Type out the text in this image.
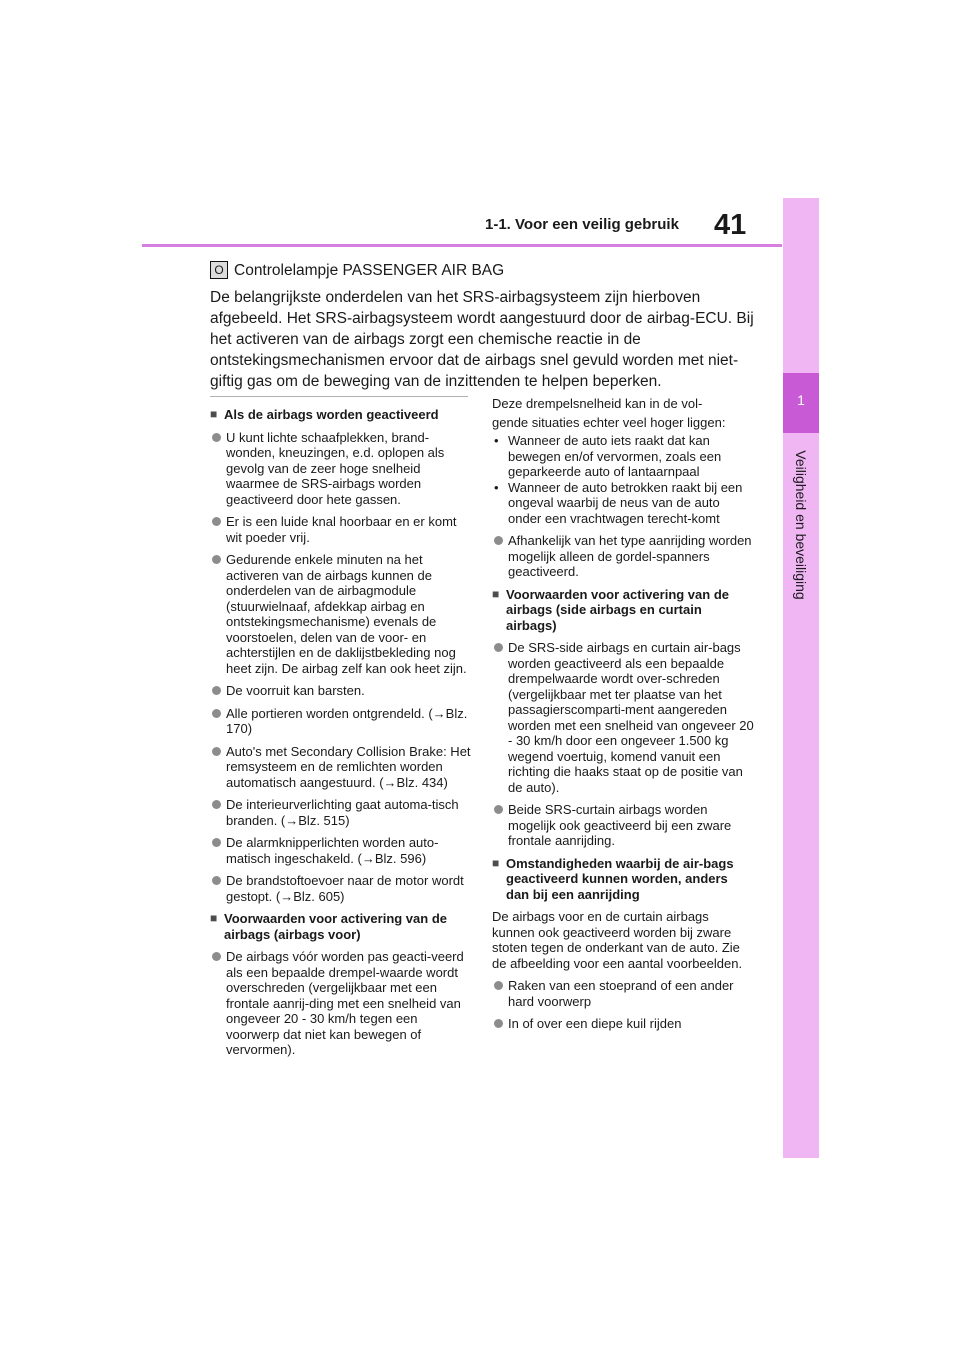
1-1. Voor een veilig gebruik 41
1
Veiligheid en beveiliging
O Controlelampje PASSENGER AIR BAG
De belangrijkste onderdelen van het SRS-airbagsysteem zijn hierboven afgebeeld. Het SRS-airbagsysteem wordt aangestuurd door de airbag-ECU. Bij het activeren van de airbags zorgt een chemische reactie in de ontstekingsmechanismen ervoor dat de airbags snel gevuld worden met niet-giftig gas om de beweging van de inzittenden te helpen beperken.
■ Als de airbags worden geactiveerd
U kunt lichte schaafplekken, brand-wonden, kneuzingen, e.d. oplopen als gevolg van de zeer hoge snelheid waarmee de SRS-airbags worden geactiveerd door hete gassen.
Er is een luide knal hoorbaar en er komt wit poeder vrij.
Gedurende enkele minuten na het activeren van de airbags kunnen de onderdelen van de airbagmodule (stuurwielnaaf, afdekkap airbag en ontstekingsmechanisme) evenals de voorstoelen, delen van de voor- en achterstijlen en de daklijstbekleding nog heet zijn. De airbag zelf kan ook heet zijn.
De voorruit kan barsten.
Alle portieren worden ontgrendeld. (→Blz. 170)
Auto's met Secondary Collision Brake: Het remsysteem en de remlichten worden automatisch aangestuurd. (→Blz. 434)
De interieurverlichting gaat automa-tisch branden. (→Blz. 515)
De alarmknipperlichten worden auto-matisch ingeschakeld. (→Blz. 596)
De brandstoftoevoer naar de motor wordt gestopt. (→Blz. 605)
■ Voorwaarden voor activering van de airbags (airbags voor)
De airbags vóór worden pas geacti-veerd als een bepaalde drempel-waarde wordt overschreden (vergelijkbaar met een frontale aanrij-ding met een snelheid van ongeveer 20 - 30 km/h tegen een voorwerp dat niet kan bewegen of vervormen).
Deze drempelsnelheid kan in de vol-
gende situaties echter veel hoger liggen:
• Wanneer de auto iets raakt dat kan bewegen en/of vervormen, zoals een geparkeerde auto of lantaarnpaal
• Wanneer de auto betrokken raakt bij een ongeval waarbij de neus van de auto onder een vrachtwagen terecht-komt
Afhankelijk van het type aanrijding worden mogelijk alleen de gordel-spanners geactiveerd.
■ Voorwaarden voor activering van de airbags (side airbags en curtain airbags)
De SRS-side airbags en curtain air-bags worden geactiveerd als een bepaalde drempelwaarde wordt over-schreden (vergelijkbaar met ter plaatse van het passagierscomparti-ment aangereden worden met een snelheid van ongeveer 20 - 30 km/h door een ongeveer 1.500 kg wegend voertuig, komend vanuit een richting die haaks staat op de positie van de auto).
Beide SRS-curtain airbags worden mogelijk ook geactiveerd bij een zware frontale aanrijding.
■ Omstandigheden waarbij de air-bags geactiveerd kunnen worden, anders dan bij een aanrijding
De airbags voor en de curtain airbags kunnen ook geactiveerd worden bij zware stoten tegen de onderkant van de auto. Zie de afbeelding voor een aantal voorbeelden.
Raken van een stoeprand of een ander hard voorwerp
In of over een diepe kuil rijden
